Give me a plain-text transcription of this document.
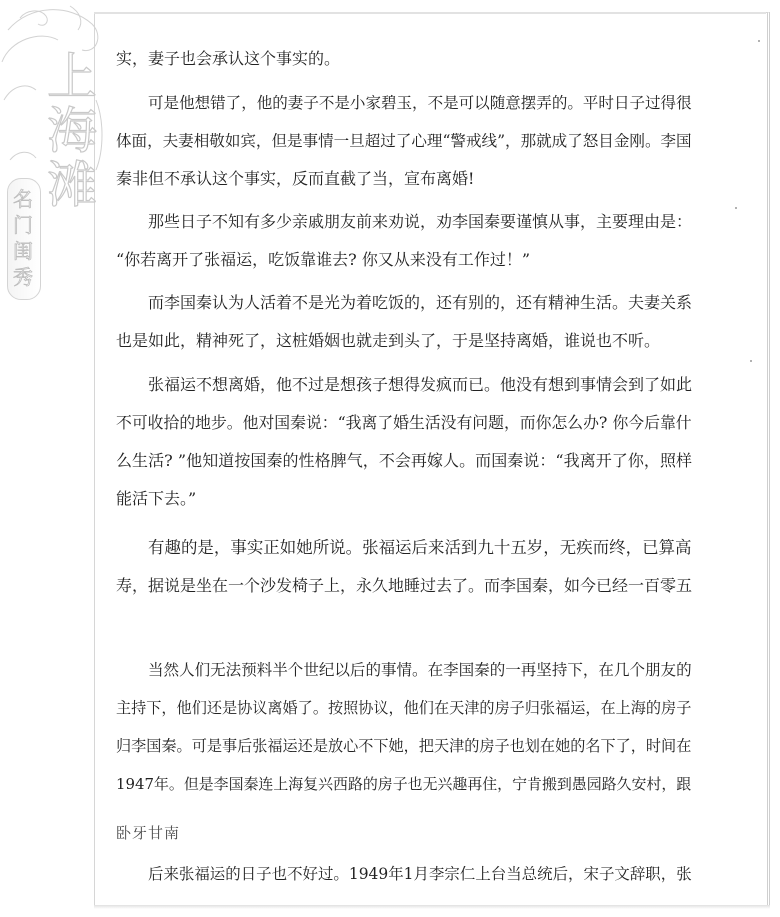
上
海
滩
名
门
闺
秀
实，妻子也会承认这个事实的。
可是他想错了，他的妻子不是小家碧玉，不是可以随意摆弄的。平时日子过得很
体面，夫妻相敬如宾，但是事情一旦超过了心理“警戒线”，那就成了怒目金刚。李国
秦非但不承认这个事实，反而直截了当，宣布离婚!
那些日子不知有多少亲戚朋友前来劝说，劝李国秦要谨慎从事，主要理由是：
“你若离开了张福运，吃饭靠谁去? 你又从来没有工作过！”
而李国秦认为人活着不是光为着吃饭的，还有别的，还有精神生活。夫妻关系
也是如此，精神死了，这桩婚姻也就走到头了，于是坚持离婚，谁说也不听。
张福运不想离婚，他不过是想孩子想得发疯而已。他没有想到事情会到了如此
不可收拾的地步。他对国秦说：“我离了婚生活没有问题，而你怎么办? 你今后靠什
么生活? ”他知道按国秦的性格脾气，不会再嫁人。而国秦说：“我离开了你，照样
能活下去。”
有趣的是，事实正如她所说。张福运后来活到九十五岁，无疾而终，已算高
寿，据说是坐在一个沙发椅子上，永久地睡过去了。而李国秦，如今已经一百零五
当然人们无法预料半个世纪以后的事情。在李国秦的一再坚持下，在几个朋友的
主持下，他们还是协议离婚了。按照协议，他们在天津的房子归张福运，在上海的房子
归李国秦。可是事后张福运还是放心不下她，把天津的房子也划在她的名下了，时间在
1947年。但是李国秦连上海复兴西路的房子也无兴趣再住，宁肯搬到愚园路久安村，跟
卧牙甘南
后来张福运的日子也不好过。1949年1月李宗仁上台当总统后，宋子文辞职，张
